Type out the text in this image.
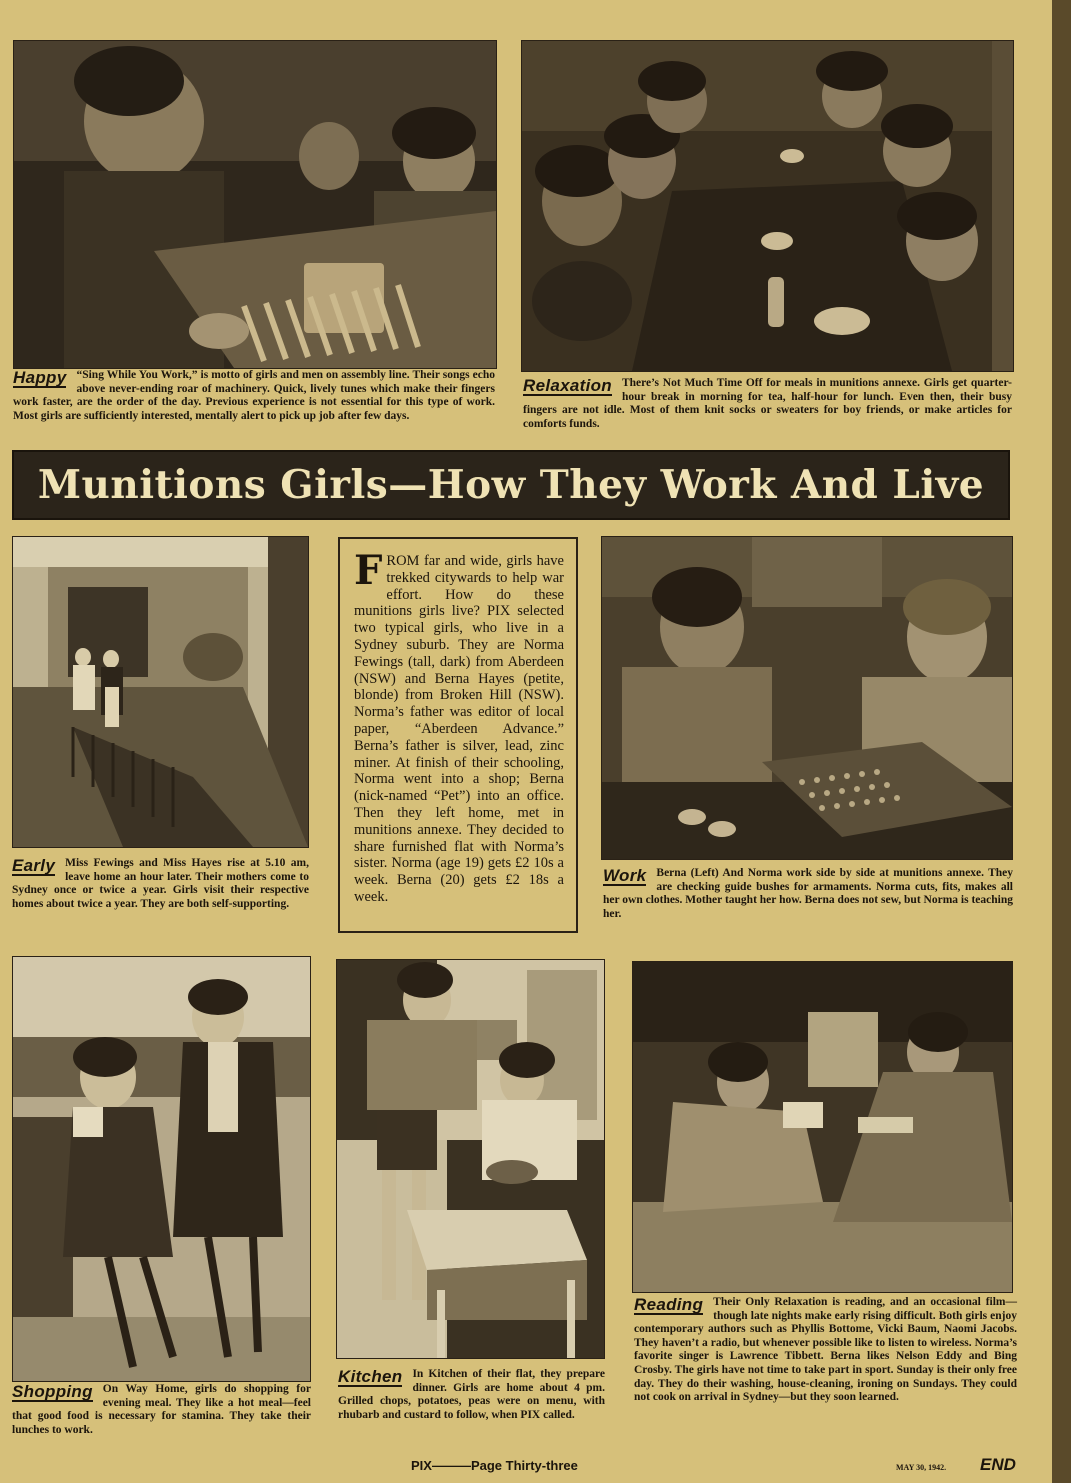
Happy “Sing While You Work,” is motto of girls and men on assembly line. Their songs echo above never-ending roar of machinery. Quick, lively tunes which make their fingers work faster, are the order of the day. Previous experience is not essential for this type of work. Most girls are sufficiently interested, mentally alert to pick up job after few days.
Relaxation There’s Not Much Time Off for meals in munitions annexe. Girls get quarter-hour break in morning for tea, half-hour for lunch. Even then, their busy fingers are not idle. Most of them knit socks or sweaters for boy friends, or make articles for comforts funds.
Munitions Girls—How They Work And Live
Early Miss Fewings and Miss Hayes rise at 5.10 am, leave home an hour later. Their mothers come to Sydney once or twice a year. Girls visit their respective homes about twice a year. They are both self-supporting.
FROM far and wide, girls have trekked citywards to help war effort. How do these munitions girls live? PIX selected two typical girls, who live in a Sydney suburb. They are Norma Fewings (tall, dark) from Aberdeen (NSW) and Berna Hayes (petite, blonde) from Broken Hill (NSW). Norma’s father was editor of local paper, “Aberdeen Advance.” Berna’s father is silver, lead, zinc miner. At finish of their schooling, Norma went into a shop; Berna (nick-named “Pet”) into an office. Then they left home, met in munitions annexe. They decided to share furnished flat with Norma’s sister. Norma (age 19) gets £2 10s a week. Berna (20) gets £2 18s a week.
Work Berna (Left) And Norma work side by side at munitions annexe. They are checking guide bushes for armaments. Norma cuts, fits, makes all her own clothes. Mother taught her how. Berna does not sew, but Norma is teaching her.
Shopping On Way Home, girls do shopping for evening meal. They like a hot meal—feel that good food is necessary for stamina. They take their lunches to work.
Kitchen In Kitchen of their flat, they prepare dinner. Girls are home about 4 pm. Grilled chops, potatoes, peas were on menu, with rhubarb and custard to follow, when PIX called.
Reading Their Only Relaxation is reading, and an occasional film—though late nights make early rising difficult. Both girls enjoy contemporary authors such as Phyllis Bottome, Vicki Baum, Naomi Jacobs. They haven’t a radio, but whenever possible like to listen to wireless. Norma’s favorite singer is Lawrence Tibbett. Berna likes Nelson Eddy and Bing Crosby. The girls have not time to take part in sport. Sunday is their only free day. They do their washing, house-cleaning, ironing on Sundays. They could not cook on arrival in Sydney—but they soon learned.
PIX———Page Thirty-three	MAY 30, 1942. END
